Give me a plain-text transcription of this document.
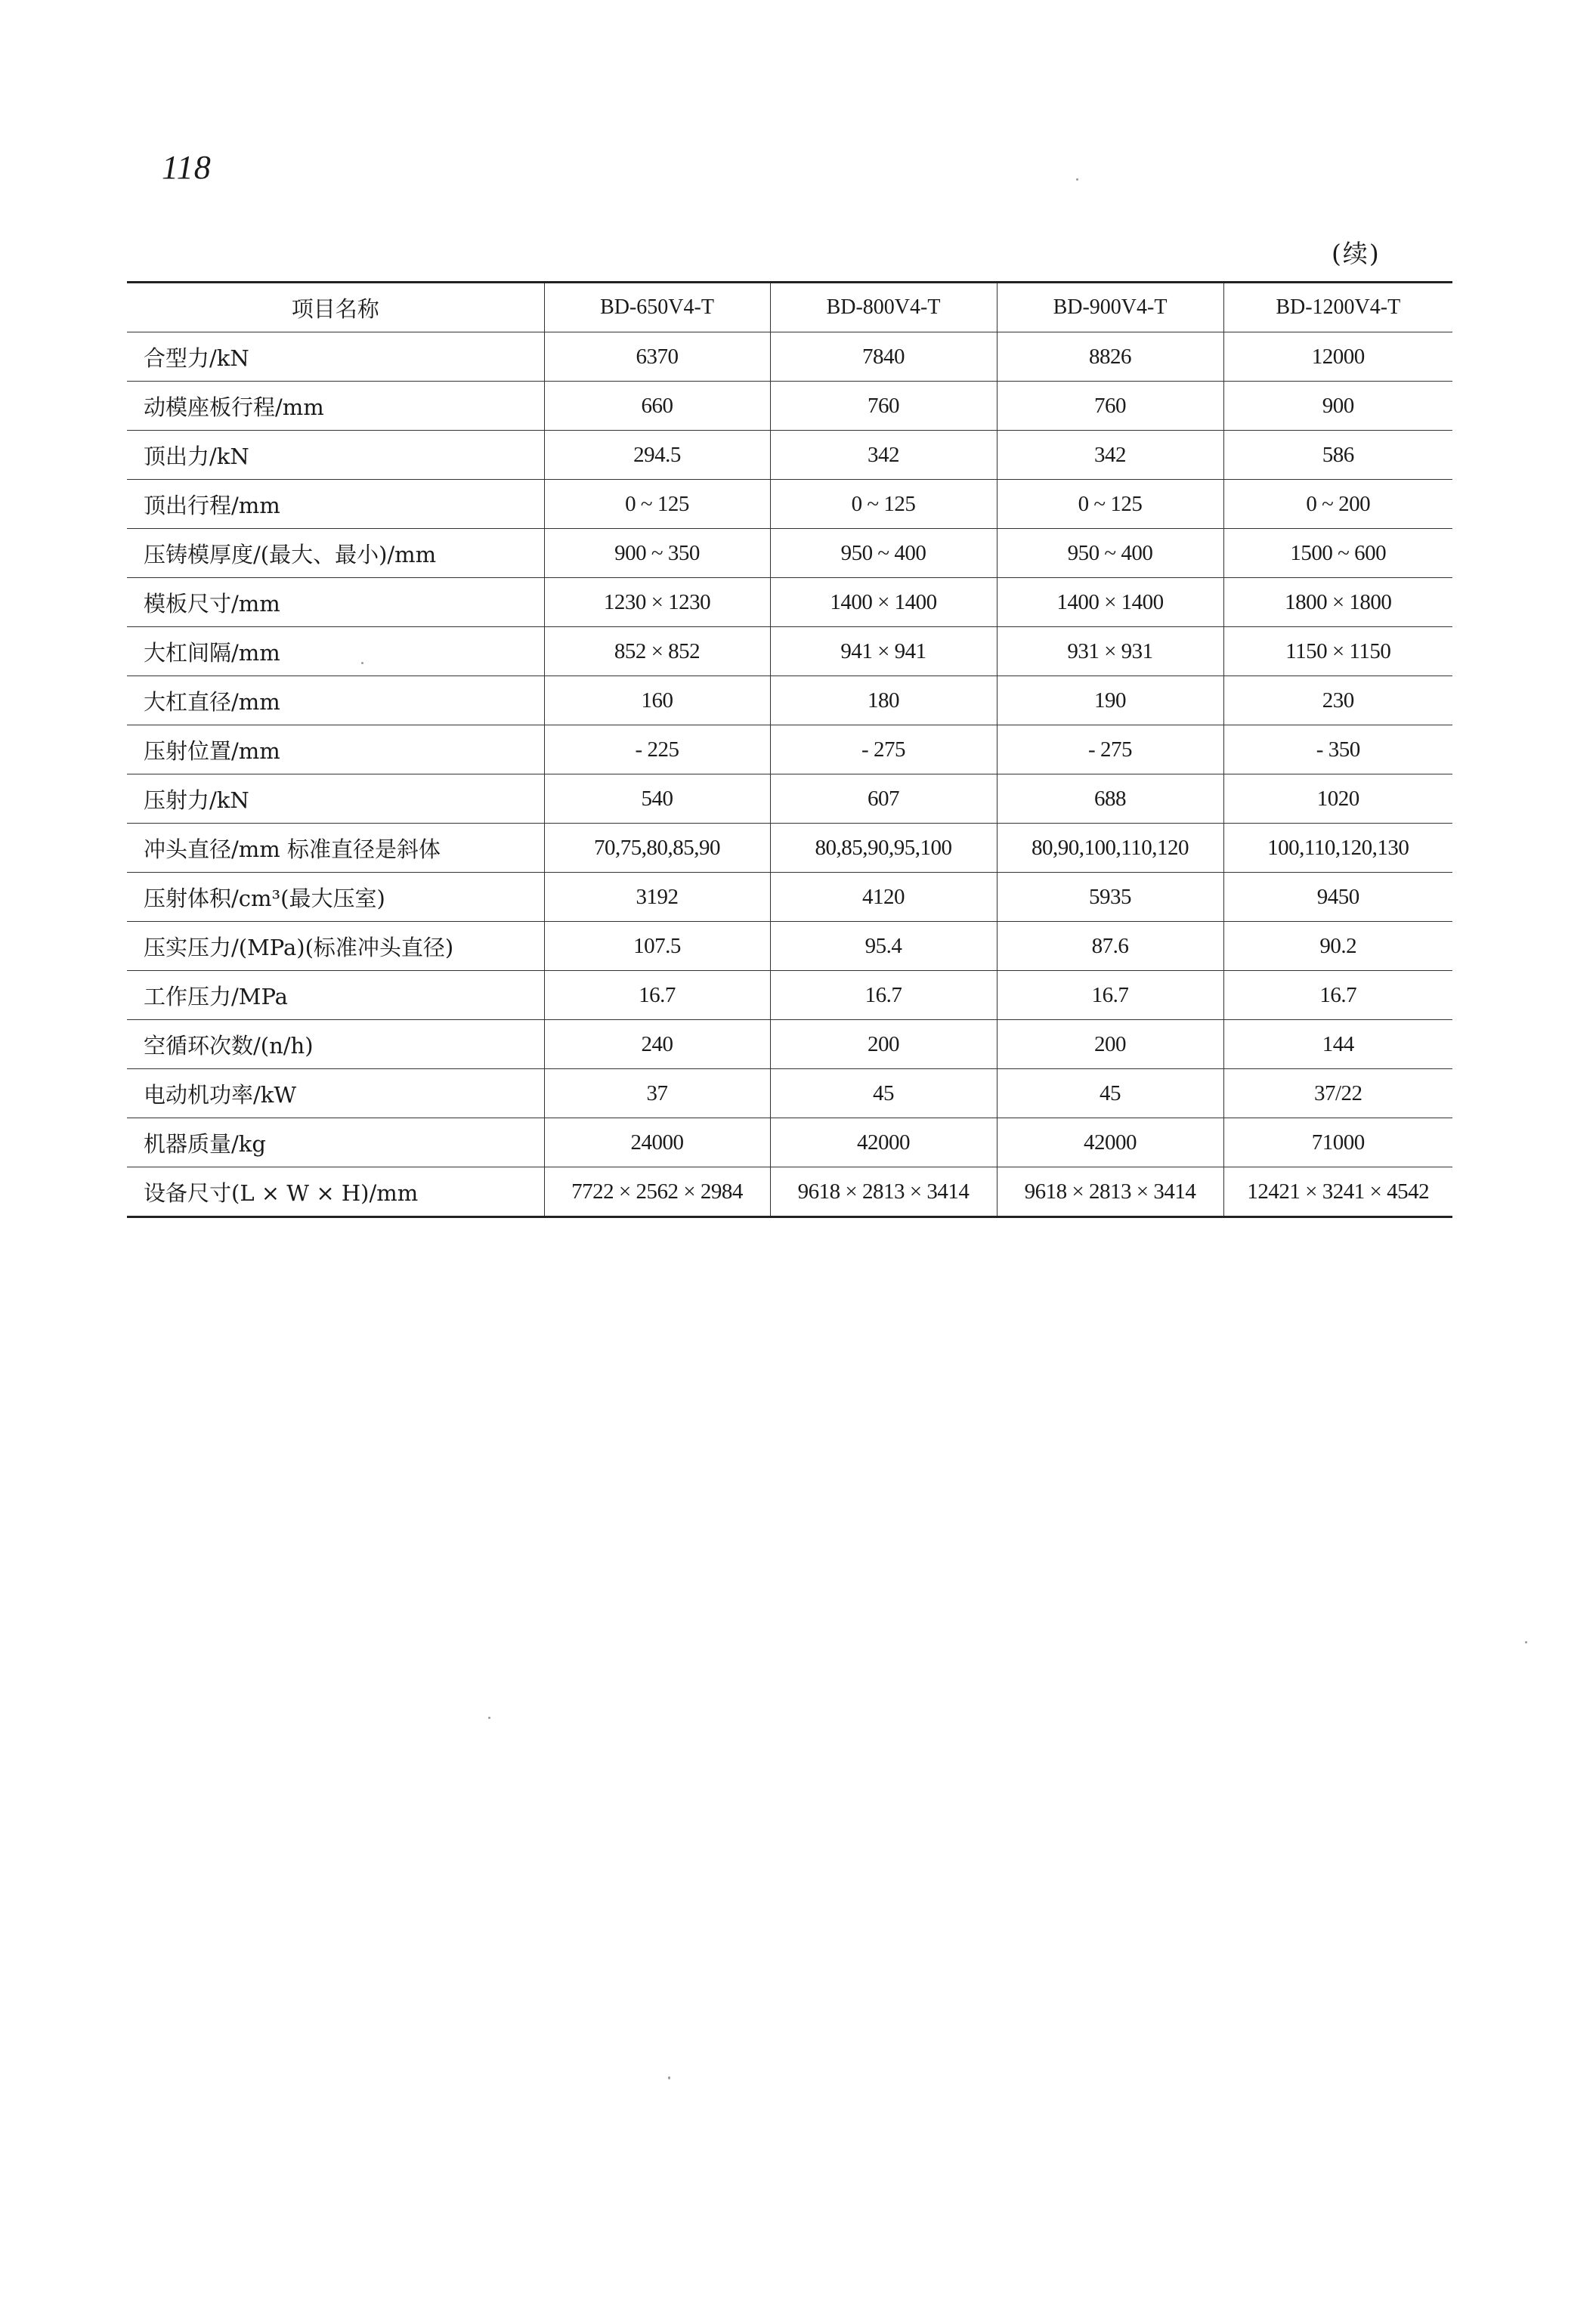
118
(续)
项目名称	BD-650V4-T	BD-800V4-T	BD-900V4-T	BD-1200V4-T
合型力/kN	6370	7840	8826	12000
动模座板行程/mm	660	760	760	900
顶出力/kN	294.5	342	342	586
顶出行程/mm	0 ~ 125	0 ~ 125	0 ~ 125	0 ~ 200
压铸模厚度/(最大、最小)/mm	900 ~ 350	950 ~ 400	950 ~ 400	1500 ~ 600
模板尺寸/mm	1230 × 1230	1400 × 1400	1400 × 1400	1800 × 1800
大杠间隔/mm	852 × 852	941 × 941	931 × 931	1150 × 1150
大杠直径/mm	160	180	190	230
压射位置/mm	- 225	- 275	- 275	- 350
压射力/kN	540	607	688	1020
冲头直径/mm 标准直径是斜体	70,75,80,85,90	80,85,90,95,100	80,90,100,110,120	100,110,120,130
压射体积/cm³(最大压室)	3192	4120	5935	9450
压实压力/(MPa)(标准冲头直径)	107.5	95.4	87.6	90.2
工作压力/MPa	16.7	16.7	16.7	16.7
空循环次数/(n/h)	240	200	200	144
电动机功率/kW	37	45	45	37/22
机器质量/kg	24000	42000	42000	71000
设备尺寸(L × W × H)/mm	7722 × 2562 × 2984	9618 × 2813 × 3414	9618 × 2813 × 3414	12421 × 3241 × 4542
